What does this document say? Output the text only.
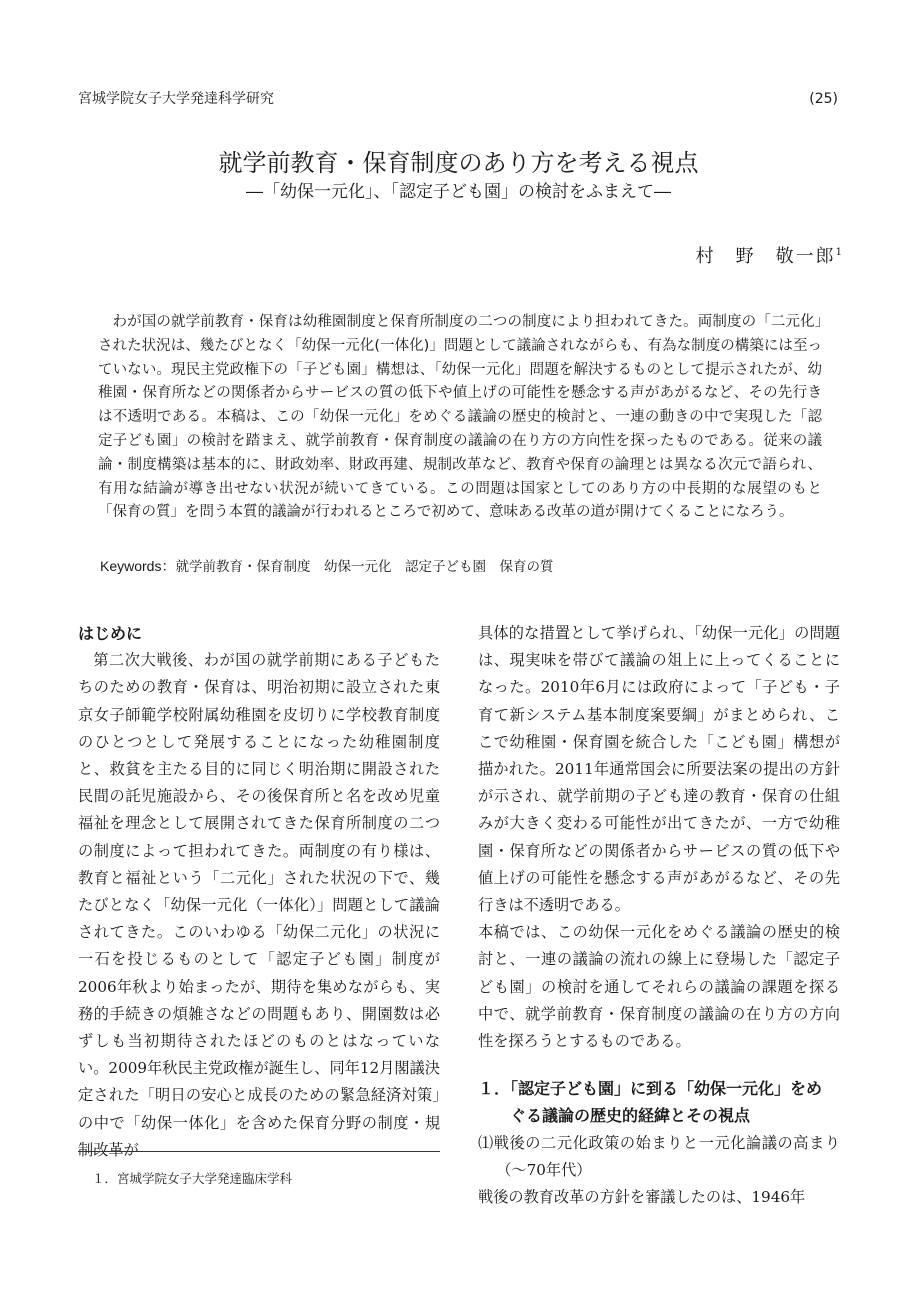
宮城学院女子大学発達科学研究	(25)
就学前教育・保育制度のあり方を考える視点
―「幼保一元化」、「認定子ども園」の検討をふまえて―
村　野　敬一郎$^1$

わが国の就学前教育・保育は幼稚園制度と保育所制度の二つの制度により担われてきた。両制度の「二元化」された状況は、幾たびとなく「幼保一元化(一体化)」問題として議論されながらも、有為な制度の構築には至っていない。現民主党政権下の「子ども園」構想は、「幼保一元化」問題を解決するものとして提示されたが、幼稚園・保育所などの関係者からサービスの質の低下や値上げの可能性を懸念する声があがるなど、その先行きは不透明である。本稿は、この「幼保一元化」をめぐる議論の歴史的検討と、一連の動きの中で実現した「認定子ども園」の検討を踏まえ、就学前教育・保育制度の議論の在り方の方向性を探ったものである。従来の議論・制度構築は基本的に、財政効率、財政再建、規制改革など、教育や保育の論理とは異なる次元で語られ、有用な結論が導き出せない状況が続いてきている。この問題は国家としてのあり方の中長期的な展望のもと「保育の質」を問う本質的議論が行われるところで初めて、意味ある改革の道が開けてくることになろう。

Keywords：就学前教育・保育制度　 幼保一元化　 認定子ども園　 保育の質

はじめに

第二次大戦後、わが国の就学前期にある子どもたちのための教育・保育は、明治初期に設立された東京女子師範学校附属幼稚園を皮切りに学校教育制度のひとつとして発展することになった幼稚園制度と、救貧を主たる目的に同じく明治期に開設された民間の託児施設から、その後保育所と名を改め児童福祉を理念として展開されてきた保育所制度の二つの制度によって担われてきた。両制度の有り様は、教育と福祉という「二元化」された状況の下で、幾たびとなく「幼保一元化（一体化）」問題として議論されてきた。このいわゆる「幼保二元化」の状況に一石を投じるものとして「認定子ども園」制度が2006年秋より始まったが、期待を集めながらも、実務的手続きの煩雑さなどの問題もあり、開園数は必ずしも当初期待されたほどのものとはなっていない。2009年秋民主党政権が誕生し、同年12月閣議決定された「明日の安心と成長のための緊急経済対策」の中で「幼保一体化」を含めた保育分野の制度・規制改革が

具体的な措置として挙げられ、「幼保一元化」の問題は、現実味を帯びて議論の俎上に上ってくることになった。2010年6月には政府によって「子ども・子育て新システム基本制度案要綱」がまとめられ、ここで幼稚園・保育園を統合した「こども園」構想が描かれた。2011年通常国会に所要法案の提出の方針が示され、就学前期の子ども達の教育・保育の仕組みが大きく変わる可能性が出てきたが、一方で幼稚園・保育所などの関係者からサービスの質の低下や値上げの可能性を懸念する声があがるなど、その先行きは不透明である。

本稿では、この幼保一元化をめぐる議論の歴史的検討と、一連の議論の流れの線上に登場した「認定子ども園」の検討を通してそれらの議論の課題を探る中で、就学前教育・保育制度の議論の在り方の方向性を探ろうとするものである。

１．「認定子ども園」に到る「幼保一元化」をめ
ぐる議論の歴史的経緯とその視点

⑴戦後の二元化政策の始まりと一元化論議の高まり（～70年代）

戦後の教育改革の方針を審議したのは、1946年

１．宮城学院女子大学発達臨床学科
